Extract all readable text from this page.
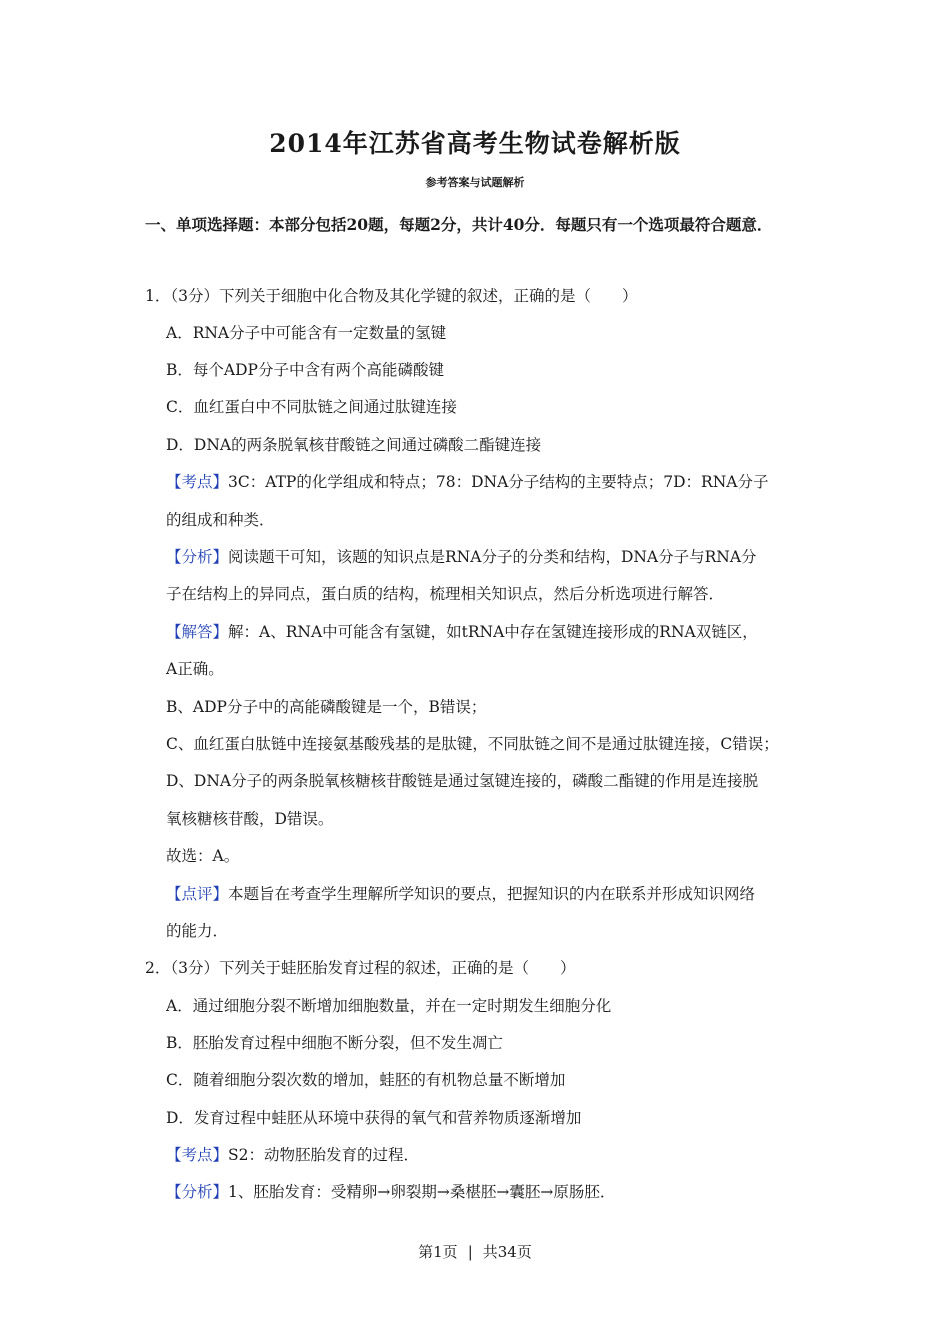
2014年江苏省高考生物试卷解析版
参考答案与试题解析
一、单项选择题：本部分包括20题，每题2分，共计40分．每题只有一个选项最符合题意．
1．（3分）下列关于细胞中化合物及其化学键的叙述，正确的是（　　）
A．RNA分子中可能含有一定数量的氢键
B．每个ADP分子中含有两个高能磷酸键
C．血红蛋白中不同肽链之间通过肽键连接
D．DNA的两条脱氧核苷酸链之间通过磷酸二酯键连接
【考点】3C：ATP的化学组成和特点；78：DNA分子结构的主要特点；7D：RNA分子
的组成和种类．
【分析】阅读题干可知，该题的知识点是RNA分子的分类和结构，DNA分子与RNA分
子在结构上的异同点，蛋白质的结构，梳理相关知识点，然后分析选项进行解答．
【解答】解：A、RNA中可能含有氢键，如tRNA中存在氢键连接形成的RNA双链区，
A正确。
B、ADP分子中的高能磷酸键是一个，B错误；
C、血红蛋白肽链中连接氨基酸残基的是肽键，不同肽链之间不是通过肽键连接，C错误；
D、DNA分子的两条脱氧核糖核苷酸链是通过氢键连接的，磷酸二酯键的作用是连接脱
氧核糖核苷酸，D错误。
故选：A。
【点评】本题旨在考查学生理解所学知识的要点，把握知识的内在联系并形成知识网络
的能力．
2．（3分）下列关于蛙胚胎发育过程的叙述，正确的是（　　）
A．通过细胞分裂不断增加细胞数量，并在一定时期发生细胞分化
B．胚胎发育过程中细胞不断分裂，但不发生凋亡
C．随着细胞分裂次数的增加，蛙胚的有机物总量不断增加
D．发育过程中蛙胚从环境中获得的氧气和营养物质逐渐增加
【考点】S2：动物胚胎发育的过程．
【分析】1、胚胎发育：受精卵→卵裂期→桑椹胚→囊胚→原肠胚．
第1页 | 共34页
